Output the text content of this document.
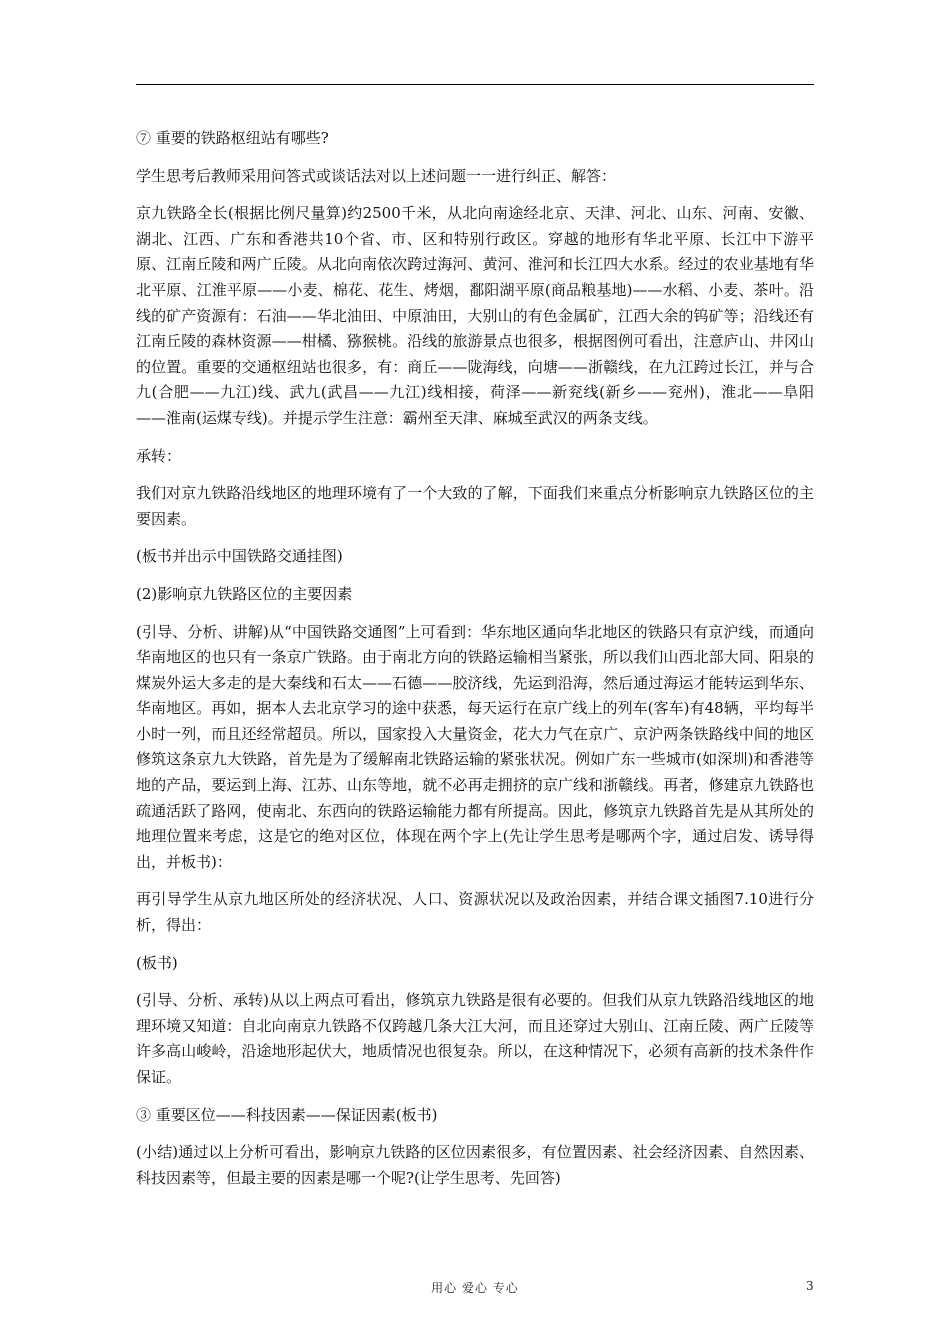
⑦ 重要的铁路枢纽站有哪些?

学生思考后教师采用问答式或谈话法对以上述问题一一进行纠正、解答：

京九铁路全长(根据比例尺量算)约2500千米，从北向南途经北京、天津、河北、山东、河南、安徽、湖北、江西、广东和香港共10个省、市、区和特别行政区。穿越的地形有华北平原、长江中下游平原、江南丘陵和两广丘陵。从北向南依次跨过海河、黄河、淮河和长江四大水系。经过的农业基地有华北平原、江淮平原——小麦、棉花、花生、烤烟，鄱阳湖平原(商品粮基地)——水稻、小麦、茶叶。沿线的矿产资源有：石油——华北油田、中原油田，大别山的有色金属矿，江西大余的钨矿等；沿线还有江南丘陵的森林资源——柑橘、猕猴桃。沿线的旅游景点也很多，根据图例可看出，注意庐山、井冈山的位置。重要的交通枢纽站也很多，有：商丘——陇海线，向塘——浙赣线，在九江跨过长江，并与合九(合肥——九江)线、武九(武昌——九江)线相接，荷泽——新兖线(新乡——兖州)，淮北——阜阳——淮南(运煤专线)。并提示学生注意：霸州至天津、麻城至武汉的两条支线。

承转：

我们对京九铁路沿线地区的地理环境有了一个大致的了解，下面我们来重点分析影响京九铁路区位的主要因素。

(板书并出示中国铁路交通挂图)

(2)影响京九铁路区位的主要因素

(引导、分析、讲解)从“中国铁路交通图”上可看到：华东地区通向华北地区的铁路只有京沪线，而通向华南地区的也只有一条京广铁路。由于南北方向的铁路运输相当紧张，所以我们山西北部大同、阳泉的煤炭外运大多走的是大秦线和石太——石德——胶济线，先运到沿海，然后通过海运才能转运到华东、华南地区。再如，据本人去北京学习的途中获悉，每天运行在京广线上的列车(客车)有48辆，平均每半小时一列，而且还经常超员。所以，国家投入大量资金，花大力气在京广、京沪两条铁路线中间的地区修筑这条京九大铁路，首先是为了缓解南北铁路运输的紧张状况。例如广东一些城市(如深圳)和香港等地的产品，要运到上海、江苏、山东等地，就不必再走拥挤的京广线和浙赣线。再者，修建京九铁路也疏通活跃了路网，使南北、东西向的铁路运输能力都有所提高。因此，修筑京九铁路首先是从其所处的地理位置来考虑，这是它的绝对区位，体现在两个字上(先让学生思考是哪两个字，通过启发、诱导得出，并板书)：

再引导学生从京九地区所处的经济状况、人口、资源状况以及政治因素，并结合课文插图7.10进行分析，得出：

(板书)

(引导、分析、承转)从以上两点可看出，修筑京九铁路是很有必要的。但我们从京九铁路沿线地区的地理环境又知道：自北向南京九铁路不仅跨越几条大江大河，而且还穿过大别山、江南丘陵、两广丘陵等许多高山峻岭，沿途地形起伏大，地质情况也很复杂。所以，在这种情况下，必须有高新的技术条件作保证。

③ 重要区位——科技因素——保证因素(板书)

(小结)通过以上分析可看出，影响京九铁路的区位因素很多，有位置因素、社会经济因素、自然因素、科技因素等，但最主要的因素是哪一个呢?(让学生思考、先回答)

用心 爱心 专心	3
